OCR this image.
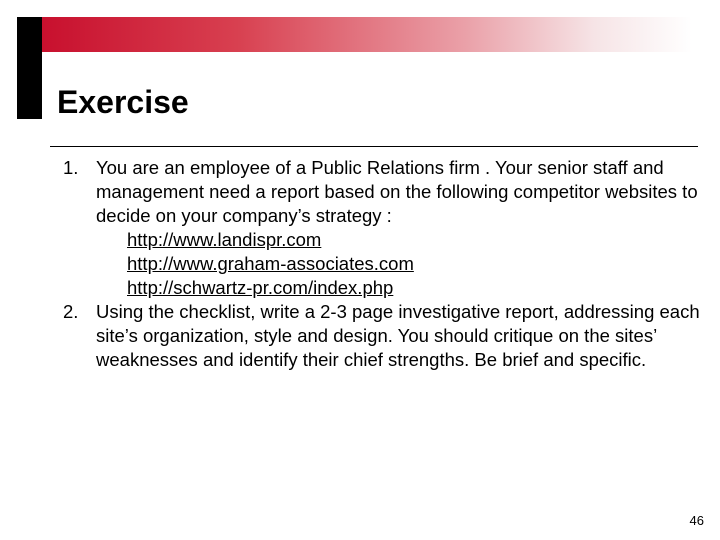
Exercise
1. You are an employee of a Public Relations firm . Your senior staff and management need a report based on the following competitor websites to decide on your company’s strategy :
http://www.landispr.com
http://www.graham-associates.com
http://schwartz-pr.com/index.php
2. Using the checklist, write a 2-3 page investigative report, addressing each site’s organization, style and design. You should critique on the sites’ weaknesses and identify their chief strengths. Be brief and specific.
46
